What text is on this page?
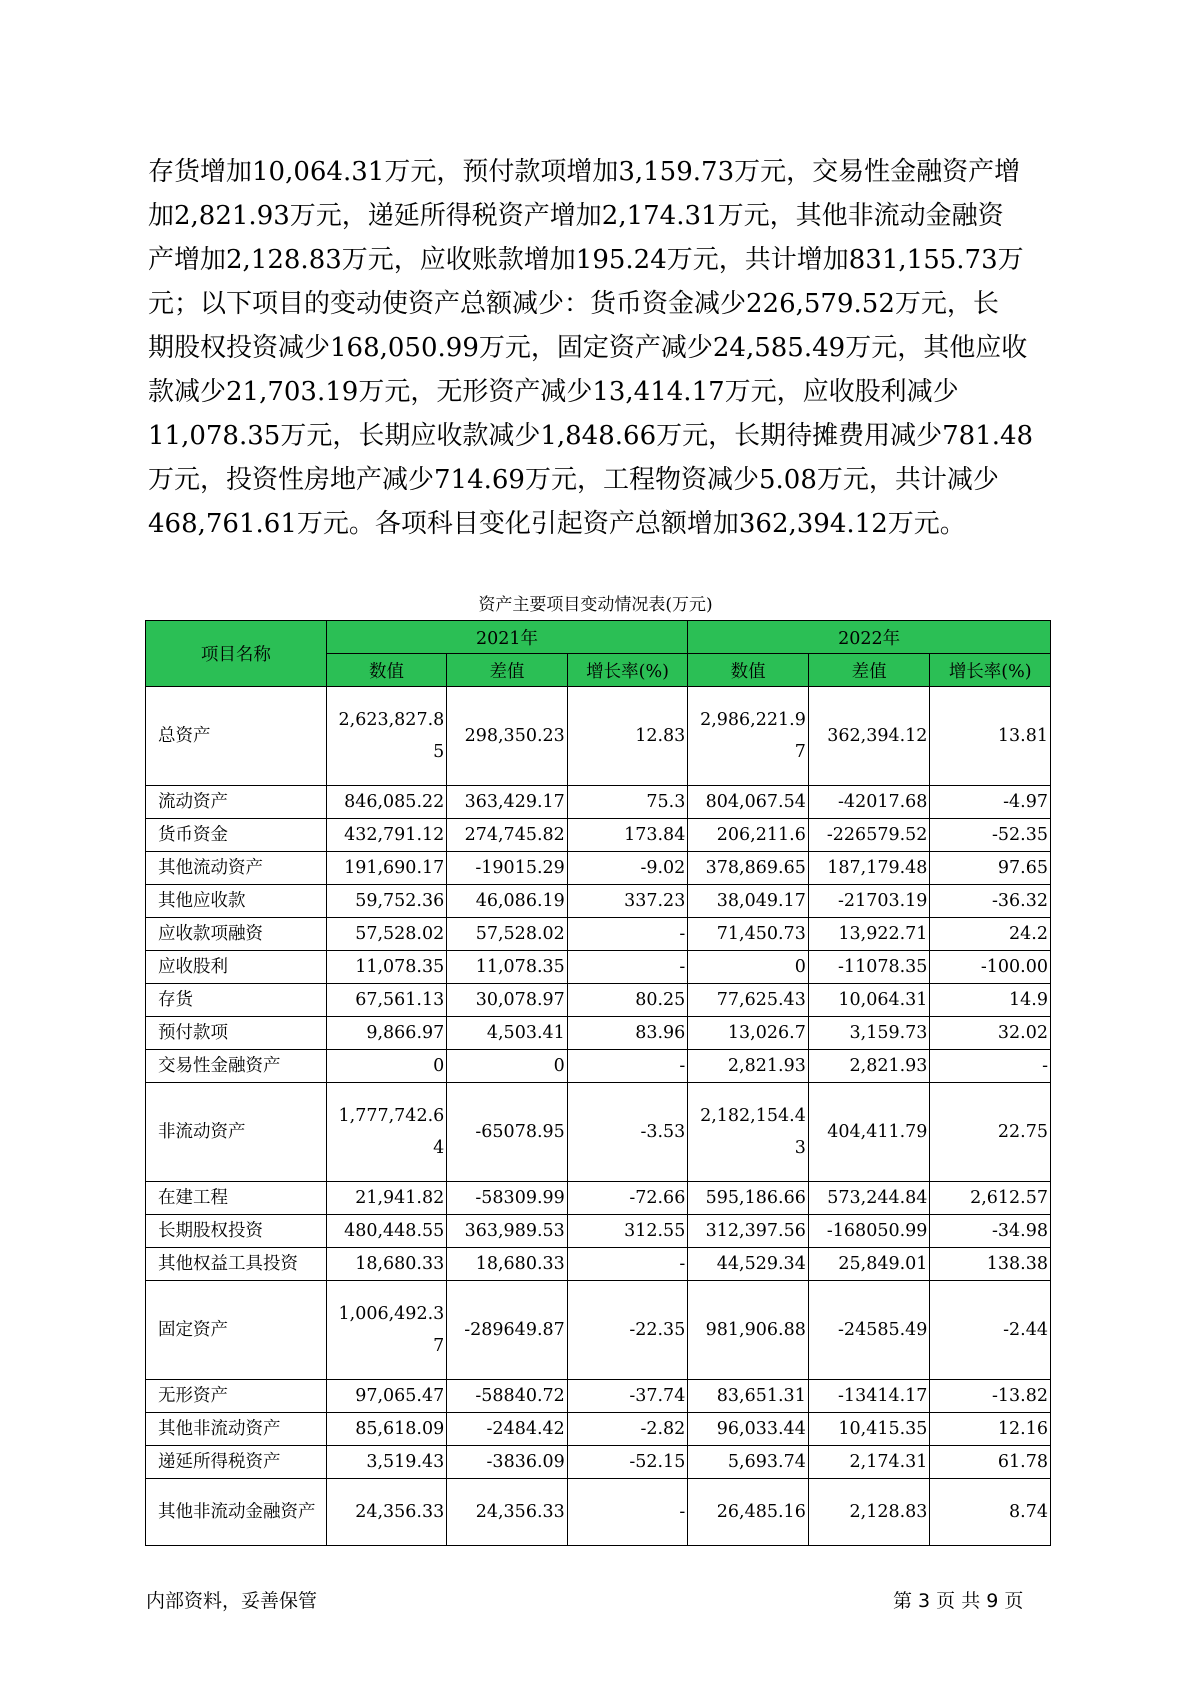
存货增加10,064.31万元，预付款项增加3,159.73万元，交易性金融资产增
加2,821.93万元，递延所得税资产增加2,174.31万元，其他非流动金融资
产增加2,128.83万元，应收账款增加195.24万元，共计增加831,155.73万
元；以下项目的变动使资产总额减少：货币资金减少226,579.52万元，长
期股权投资减少168,050.99万元，固定资产减少24,585.49万元，其他应收
款减少21,703.19万元，无形资产减少13,414.17万元，应收股利减少
11,078.35万元，长期应收款减少1,848.66万元，长期待摊费用减少781.48
万元，投资性房地产减少714.69万元，工程物资减少5.08万元，共计减少
468,761.61万元。各项科目变化引起资产总额增加362,394.12万元。
资产主要项目变动情况表(万元)
项目名称	2021年			2022年		
	数值	差值	增长率(%)	数值	差值	增长率(%)
总资产	2,623,827.85	298,350.23	12.83	2,986,221.97	362,394.12	13.81
流动资产	846,085.22	363,429.17	75.3	804,067.54	-42017.68	-4.97
货币资金	432,791.12	274,745.82	173.84	206,211.6	-226579.52	-52.35
其他流动资产	191,690.17	-19015.29	-9.02	378,869.65	187,179.48	97.65
其他应收款	59,752.36	46,086.19	337.23	38,049.17	-21703.19	-36.32
应收款项融资	57,528.02	57,528.02	-	71,450.73	13,922.71	24.2
应收股利	11,078.35	11,078.35	-	0	-11078.35	-100.00
存货	67,561.13	30,078.97	80.25	77,625.43	10,064.31	14.9
预付款项	9,866.97	4,503.41	83.96	13,026.7	3,159.73	32.02
交易性金融资产	0	0	-	2,821.93	2,821.93	-
非流动资产	1,777,742.64	-65078.95	-3.53	2,182,154.43	404,411.79	22.75
在建工程	21,941.82	-58309.99	-72.66	595,186.66	573,244.84	2,612.57
长期股权投资	480,448.55	363,989.53	312.55	312,397.56	-168050.99	-34.98
其他权益工具投资	18,680.33	18,680.33	-	44,529.34	25,849.01	138.38
固定资产	1,006,492.37	-289649.87	-22.35	981,906.88	-24585.49	-2.44
无形资产	97,065.47	-58840.72	-37.74	83,651.31	-13414.17	-13.82
其他非流动资产	85,618.09	-2484.42	-2.82	96,033.44	10,415.35	12.16
递延所得税资产	3,519.43	-3836.09	-52.15	5,693.74	2,174.31	61.78
其他非流动金融资产	24,356.33	24,356.33	-	26,485.16	2,128.83	8.74
内部资料，妥善保管	第 3 页 共 9 页
